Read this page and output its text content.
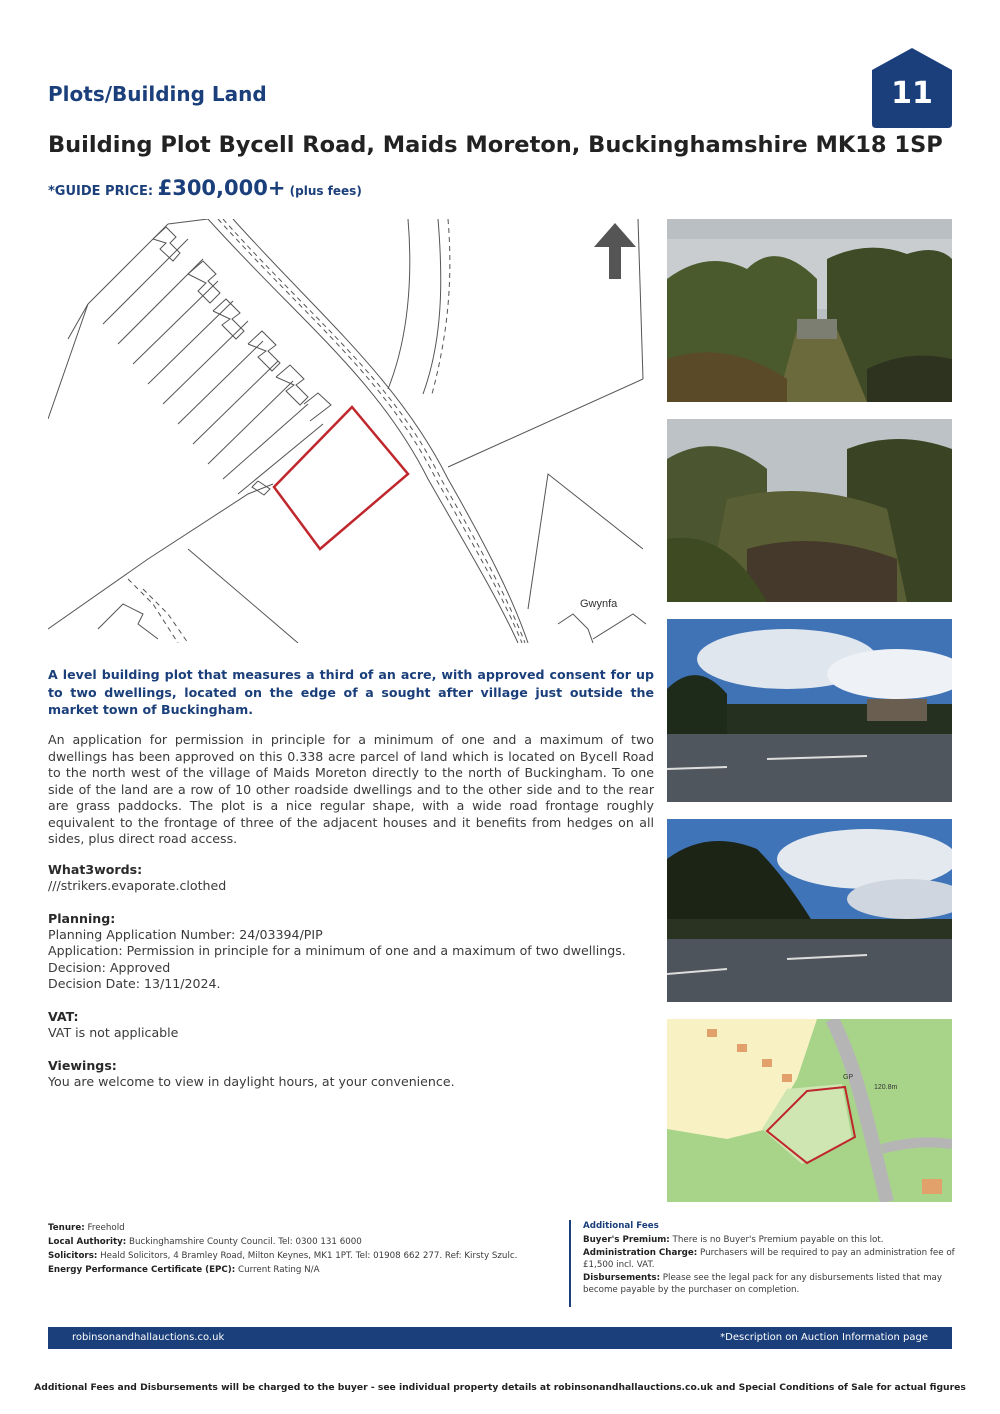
Plots/Building Land	11
Building Plot Bycell Road, Maids Moreton, Buckinghamshire MK18 1SP
*GUIDE PRICE: £300,000+ (plus fees)
Gwynfa
GP
120.8m
A level building plot that measures a third of an acre, with approved consent for up to two dwellings, located on the edge of a sought after village just outside the market town of Buckingham.
An application for permission in principle for a minimum of one and a maximum of two dwellings has been approved on this 0.338 acre parcel of land which is located on Bycell Road to the north west of the village of Maids Moreton directly to the north of Buckingham. To one side of the land are a row of 10 other roadside dwellings and to the other side and to the rear are grass paddocks. The plot is a nice regular shape, with a wide road frontage roughly equivalent to the frontage of three of the adjacent houses and it benefits from hedges on all sides, plus direct road access.
What3words:
///strikers.evaporate.clothed
Planning:
Planning Application Number: 24/03394/PIP
Application: Permission in principle for a minimum of one and a maximum of two dwellings.
Decision: Approved
Decision Date: 13/11/2024.
VAT:
VAT is not applicable
Viewings:
You are welcome to view in daylight hours, at your convenience.
Tenure: Freehold
Local Authority: Buckinghamshire County Council. Tel: 0300 131 6000
Solicitors: Heald Solicitors, 4 Bramley Road, Milton Keynes, MK1 1PT. Tel: 01908 662 277. Ref: Kirsty Szulc.
Energy Performance Certificate (EPC): Current Rating N/A
Additional Fees

Buyer's Premium: There is no Buyer's Premium payable on this lot.

Administration Charge: Purchasers will be required to pay an administration fee of £1,500 incl. VAT.

Disbursements: Please see the legal pack for any disbursements listed that may become payable by the purchaser on completion.

robinsonandhallauctions.co.uk	*Description on Auction Information page
Additional Fees and Disbursements will be charged to the buyer - see individual property details at robinsonandhallauctions.co.uk and Special Conditions of Sale for actual figures
